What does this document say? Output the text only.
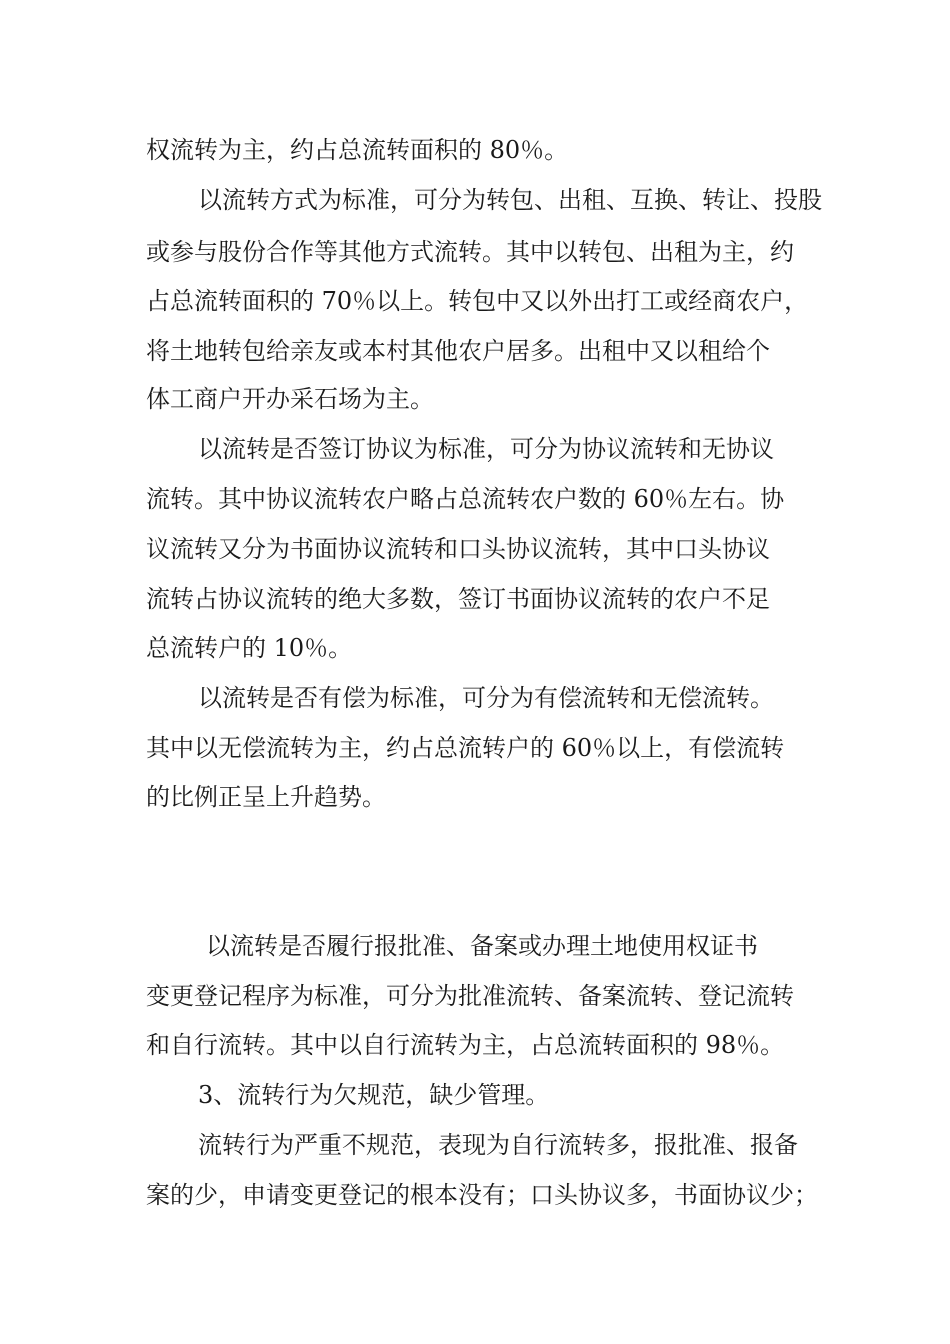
权流转为主，约占总流转面积的 80％。
以流转方式为标准，可分为转包、出租、互换、转让、投股
或参与股份合作等其他方式流转。其中以转包、出租为主，约
占总流转面积的 70％以上。转包中又以外出打工或经商农户，
将土地转包给亲友或本村其他农户居多。出租中又以租给个
体工商户开办采石场为主。
以流转是否签订协议为标准，可分为协议流转和无协议
流转。其中协议流转农户略占总流转农户数的 60％左右。协
议流转又分为书面协议流转和口头协议流转，其中口头协议
流转占协议流转的绝大多数，签订书面协议流转的农户不足
总流转户的 10％。
以流转是否有偿为标准，可分为有偿流转和无偿流转。
其中以无偿流转为主，约占总流转户的 60％以上，有偿流转
的比例正呈上升趋势。
以流转是否履行报批准、备案或办理土地使用权证书
变更登记程序为标准，可分为批准流转、备案流转、登记流转
和自行流转。其中以自行流转为主，占总流转面积的 98％。
3、流转行为欠规范，缺少管理。
流转行为严重不规范，表现为自行流转多，报批准、报备
案的少，申请变更登记的根本没有；口头协议多，书面协议少；
